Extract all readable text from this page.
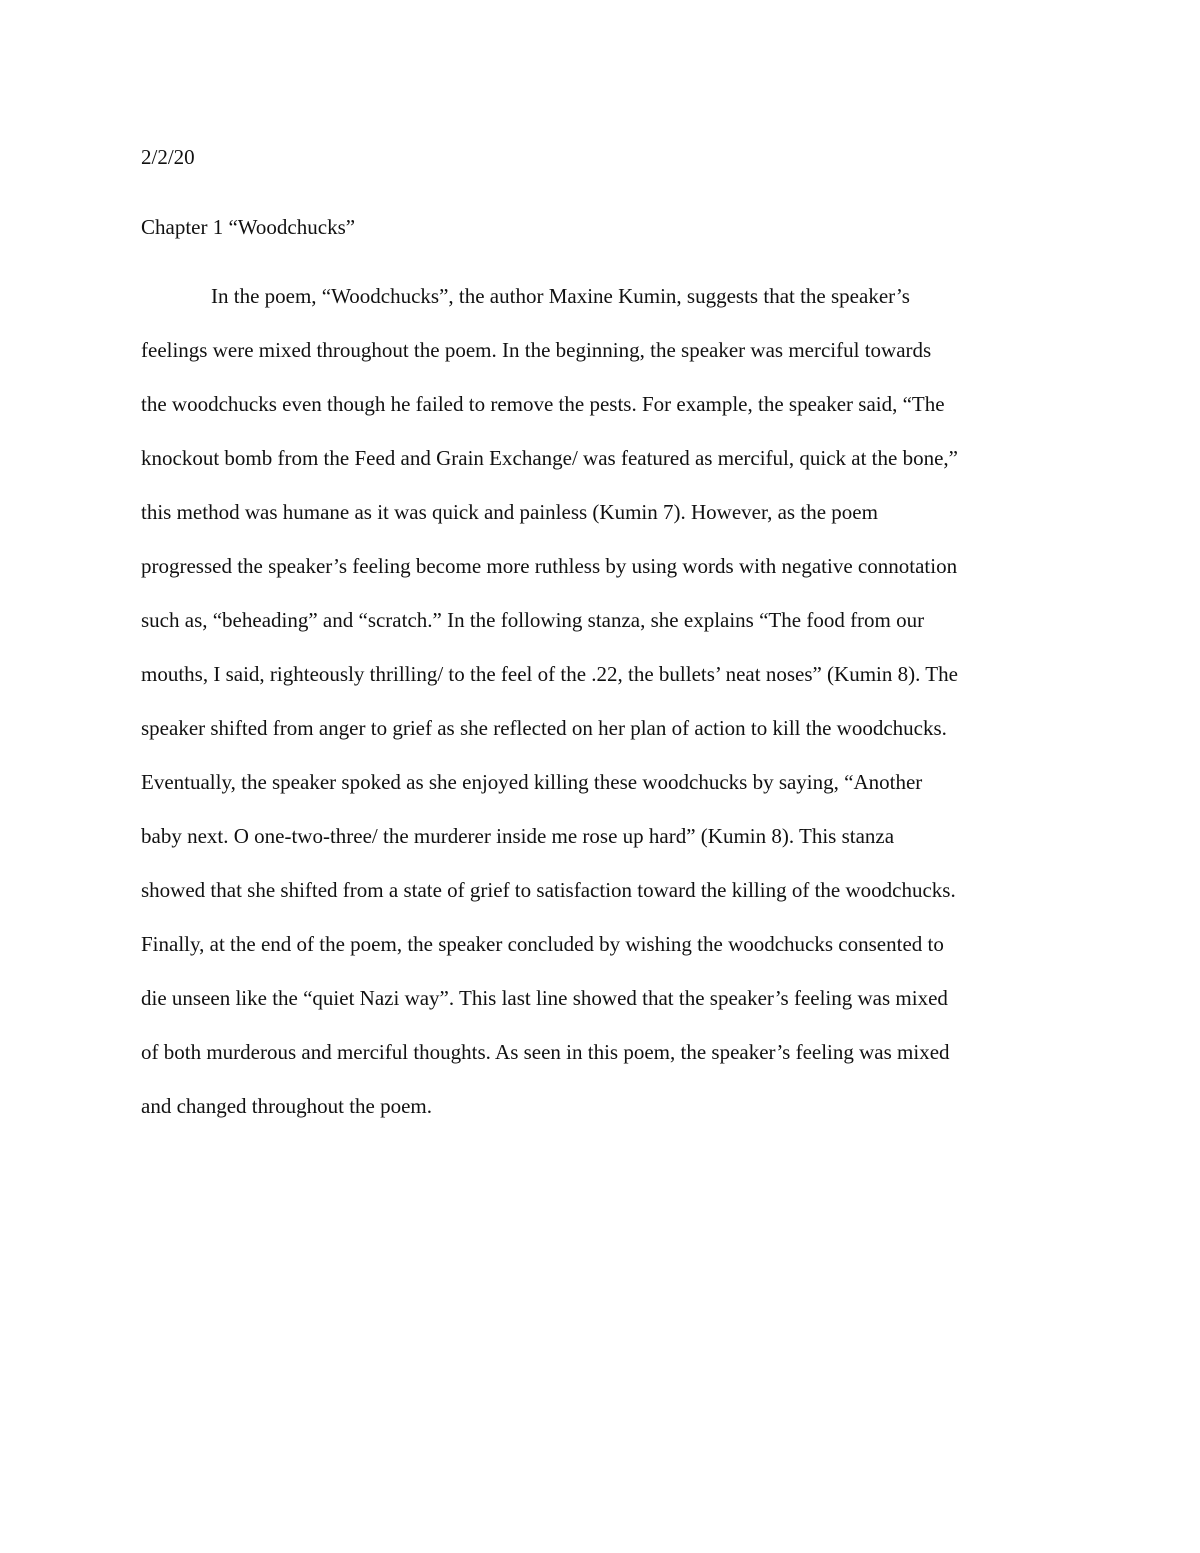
2/2/20

Chapter 1 “Woodchucks”

In the poem, “Woodchucks”, the author Maxine Kumin, suggests that the speaker’s

feelings were mixed throughout the poem. In the beginning, the speaker was merciful towards

the woodchucks even though he failed to remove the pests. For example, the speaker said, “The

knockout bomb from the Feed and Grain Exchange/ was featured as merciful, quick at the bone,”

this method was humane as it was quick and painless (Kumin 7). However, as the poem

progressed the speaker’s feeling become more ruthless by using words with negative connotation

such as, “beheading” and “scratch.” In the following stanza, she explains “The food from our

mouths, I said, righteously thrilling/ to the feel of the .22, the bullets’ neat noses” (Kumin 8). The

speaker shifted from anger to grief as she reflected on her plan of action to kill the woodchucks.

Eventually, the speaker spoked as she enjoyed killing these woodchucks by saying, “Another

baby next. O one-two-three/ the murderer inside me rose up hard” (Kumin 8). This stanza

showed that she shifted from a state of grief to satisfaction toward the killing of the woodchucks.

Finally, at the end of the poem, the speaker concluded by wishing the woodchucks consented to

die unseen like the “quiet Nazi way”. This last line showed that the speaker’s feeling was mixed

of both murderous and merciful thoughts. As seen in this poem, the speaker’s feeling was mixed

and changed throughout the poem.
